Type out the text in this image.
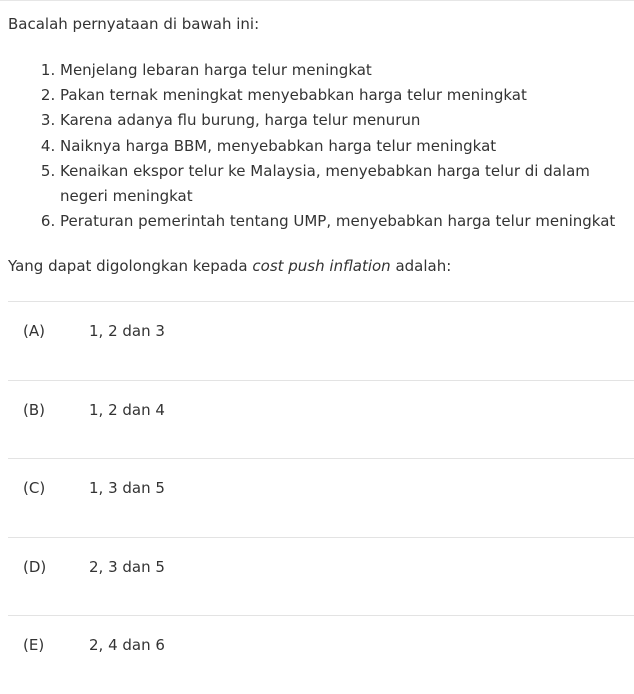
Bacalah pernyataan di bawah ini:
1. Menjelang lebaran harga telur meningkat
2. Pakan ternak meningkat menyebabkan harga telur meningkat
3. Karena adanya flu burung, harga telur menurun
4. Naiknya harga BBM, menyebabkan harga telur meningkat
5. Kenaikan ekspor telur ke Malaysia, menyebabkan harga telur di dalam negeri meningkat
6. Peraturan pemerintah tentang UMP, menyebabkan harga telur meningkat
Yang dapat digolongkan kepada cost push inflation adalah:
(A)	1, 2 dan 3
(B)	1, 2 dan 4
(C)	1, 3 dan 5
(D)	2, 3 dan 5
(E)	2, 4 dan 6
